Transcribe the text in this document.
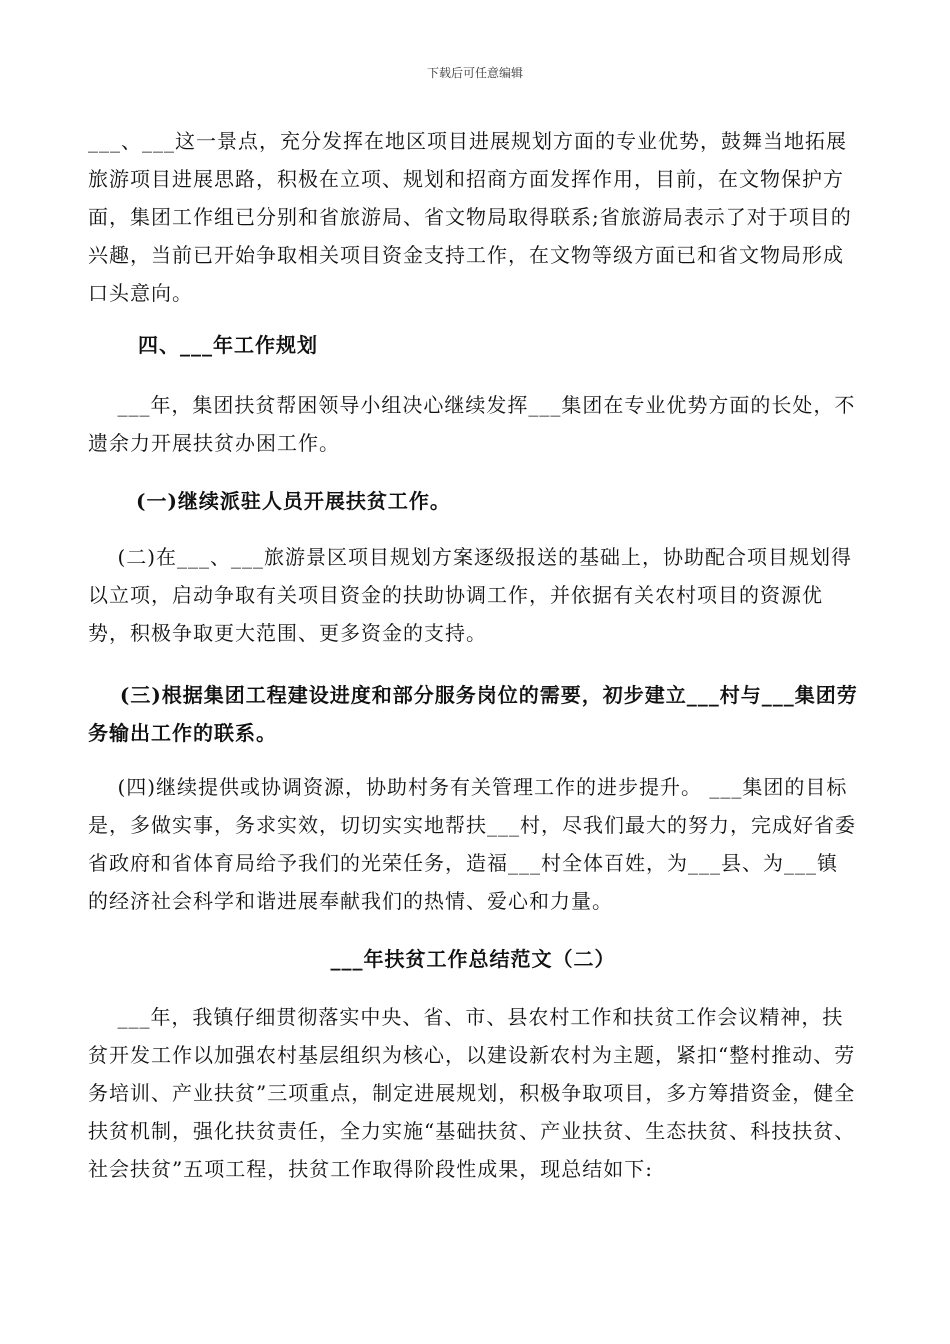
下载后可任意编辑

___、___这一景点，充分发挥在地区项目进展规划方面的专业优势，鼓舞当地拓展旅游项目进展思路，积极在立项、规划和招商方面发挥作用，目前，在文物保护方面，集团工作组已分别和省旅游局、省文物局取得联系;省旅游局表示了对于项目的兴趣，当前已开始争取相关项目资金支持工作，在文物等级方面已和省文物局形成口头意向。

四、___年工作规划

___年，集团扶贫帮困领导小组决心继续发挥___集团在专业优势方面的长处，不遗余力开展扶贫办困工作。

(一)继续派驻人员开展扶贫工作。

(二)在___、___旅游景区项目规划方案逐级报送的基础上，协助配合项目规划得以立项，启动争取有关项目资金的扶助协调工作，并依据有关农村项目的资源优势，积极争取更大范围、更多资金的支持。

(三)根据集团工程建设进度和部分服务岗位的需要，初步建立___村与___集团劳务输出工作的联系。

(四)继续提供或协调资源，协助村务有关管理工作的进步提升。 ___集团的目标是，多做实事，务求实效，切切实实地帮扶___村，尽我们最大的努力，完成好省委省政府和省体育局给予我们的光荣任务，造福___村全体百姓，为___县、为___镇的经济社会科学和谐进展奉献我们的热情、爱心和力量。

___年扶贫工作总结范文（二）

___年，我镇仔细贯彻落实中央、省、市、县农村工作和扶贫工作会议精神，扶贫开发工作以加强农村基层组织为核心，以建设新农村为主题，紧扣“整村推动、劳务培训、产业扶贫”三项重点，制定进展规划，积极争取项目，多方筹措资金，健全扶贫机制，强化扶贫责任，全力实施“基础扶贫、产业扶贫、生态扶贫、科技扶贫、社会扶贫”五项工程，扶贫工作取得阶段性成果，现总结如下:
